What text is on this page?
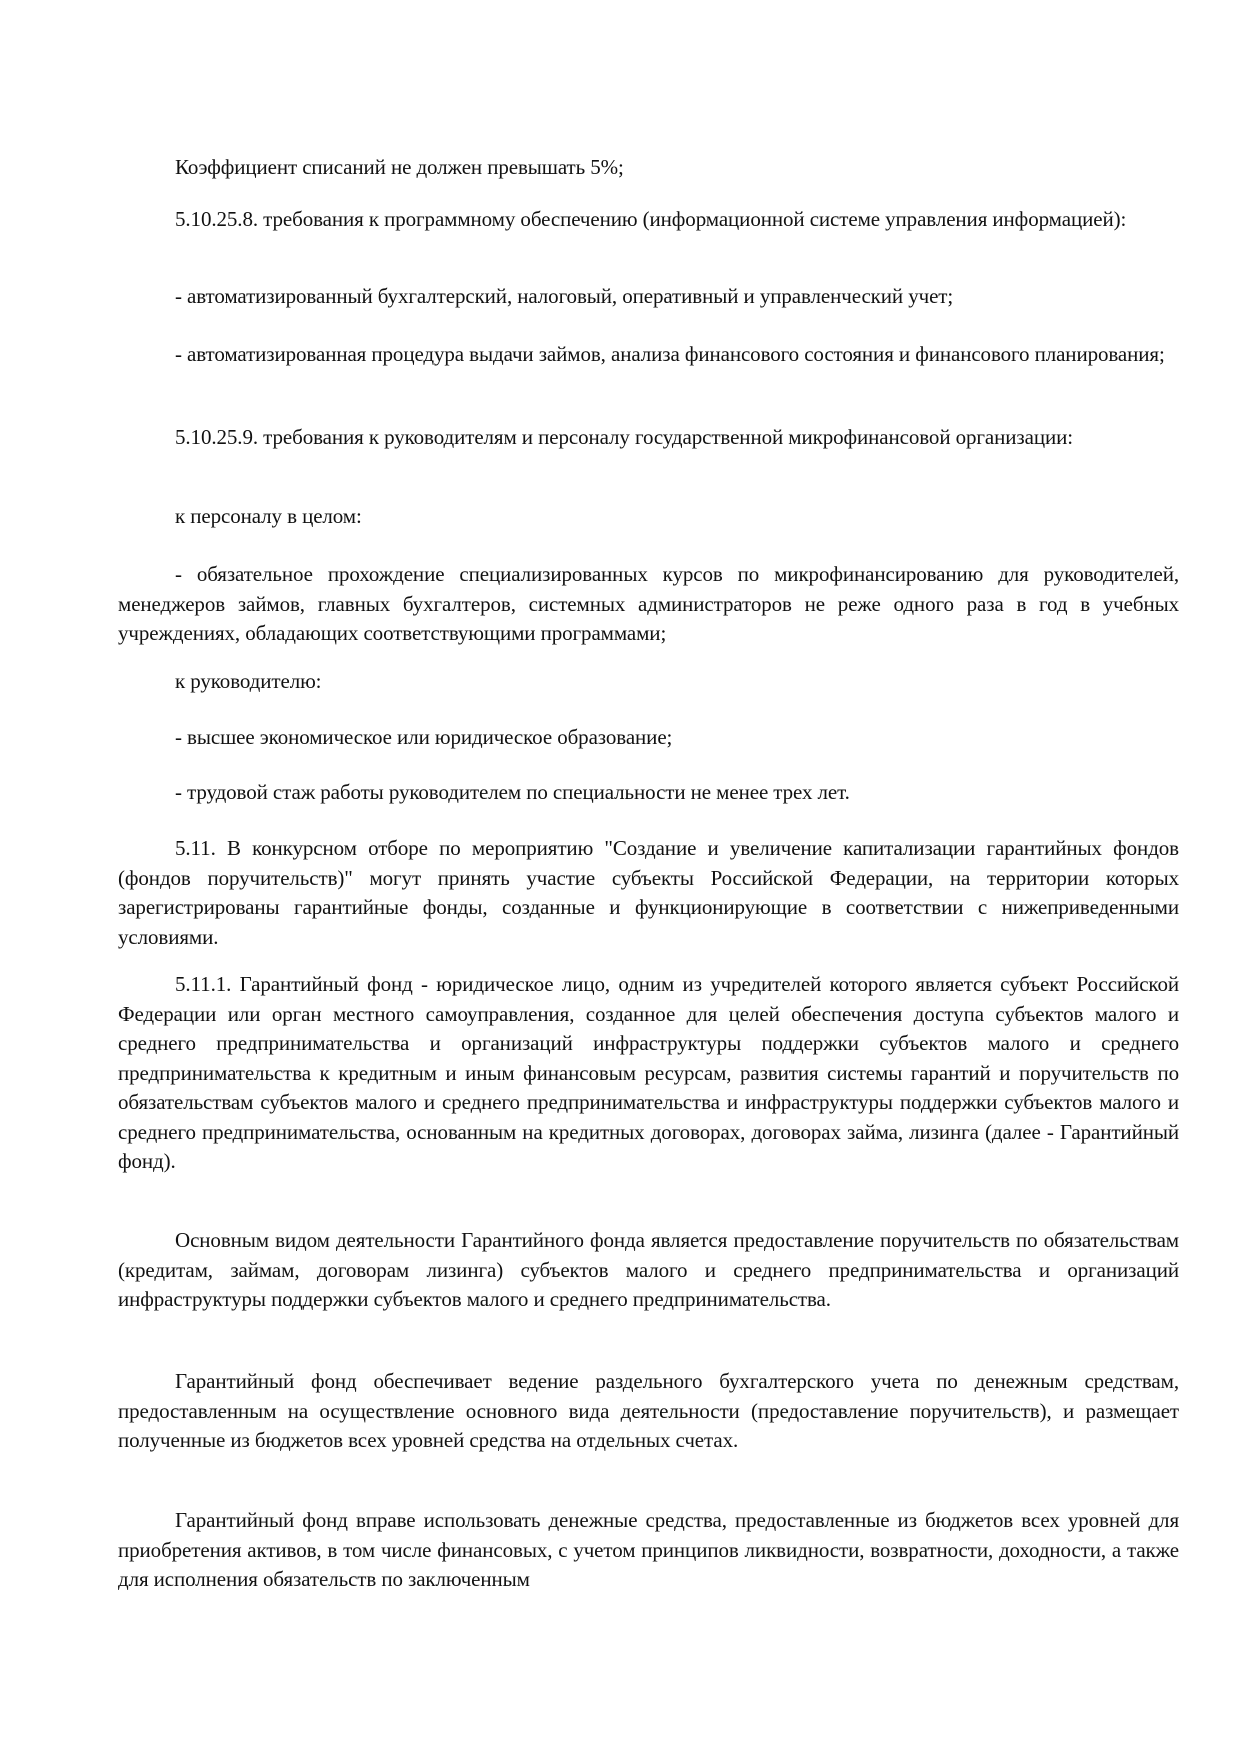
Коэффициент списаний не должен превышать 5%;

5.10.25.8. требования к программному обеспечению (информационной системе управления информацией):

- автоматизированный бухгалтерский, налоговый, оперативный и управленческий учет;

- автоматизированная процедура выдачи займов, анализа финансового состояния и финансового планирования;

5.10.25.9. требования к руководителям и персоналу государственной микрофинансовой организации:

к персоналу в целом:

- обязательное прохождение специализированных курсов по микрофинансированию для руководителей, менеджеров займов, главных бухгалтеров, системных администраторов не реже одного раза в год в учебных учреждениях, обладающих соответствующими программами;

к руководителю:

- высшее экономическое или юридическое образование;

- трудовой стаж работы руководителем по специальности не менее трех лет.

5.11. В конкурсном отборе по мероприятию "Создание и увеличение капитализации гарантийных фондов (фондов поручительств)" могут принять участие субъекты Российской Федерации, на территории которых зарегистрированы гарантийные фонды, созданные и функционирующие в соответствии с нижеприведенными условиями.

5.11.1. Гарантийный фонд - юридическое лицо, одним из учредителей которого является субъект Российской Федерации или орган местного самоуправления, созданное для целей обеспечения доступа субъектов малого и среднего предпринимательства и организаций инфраструктуры поддержки субъектов малого и среднего предпринимательства к кредитным и иным финансовым ресурсам, развития системы гарантий и поручительств по обязательствам субъектов малого и среднего предпринимательства и инфраструктуры поддержки субъектов малого и среднего предпринимательства, основанным на кредитных договорах, договорах займа, лизинга (далее - Гарантийный фонд).

Основным видом деятельности Гарантийного фонда является предоставление поручительств по обязательствам (кредитам, займам, договорам лизинга) субъектов малого и среднего предпринимательства и организаций инфраструктуры поддержки субъектов малого и среднего предпринимательства.

Гарантийный фонд обеспечивает ведение раздельного бухгалтерского учета по денежным средствам, предоставленным на осуществление основного вида деятельности (предоставление поручительств), и размещает полученные из бюджетов всех уровней средства на отдельных счетах.

Гарантийный фонд вправе использовать денежные средства, предоставленные из бюджетов всех уровней для приобретения активов, в том числе финансовых, с учетом принципов ликвидности, возвратности, доходности, а также для исполнения обязательств по заключенным
